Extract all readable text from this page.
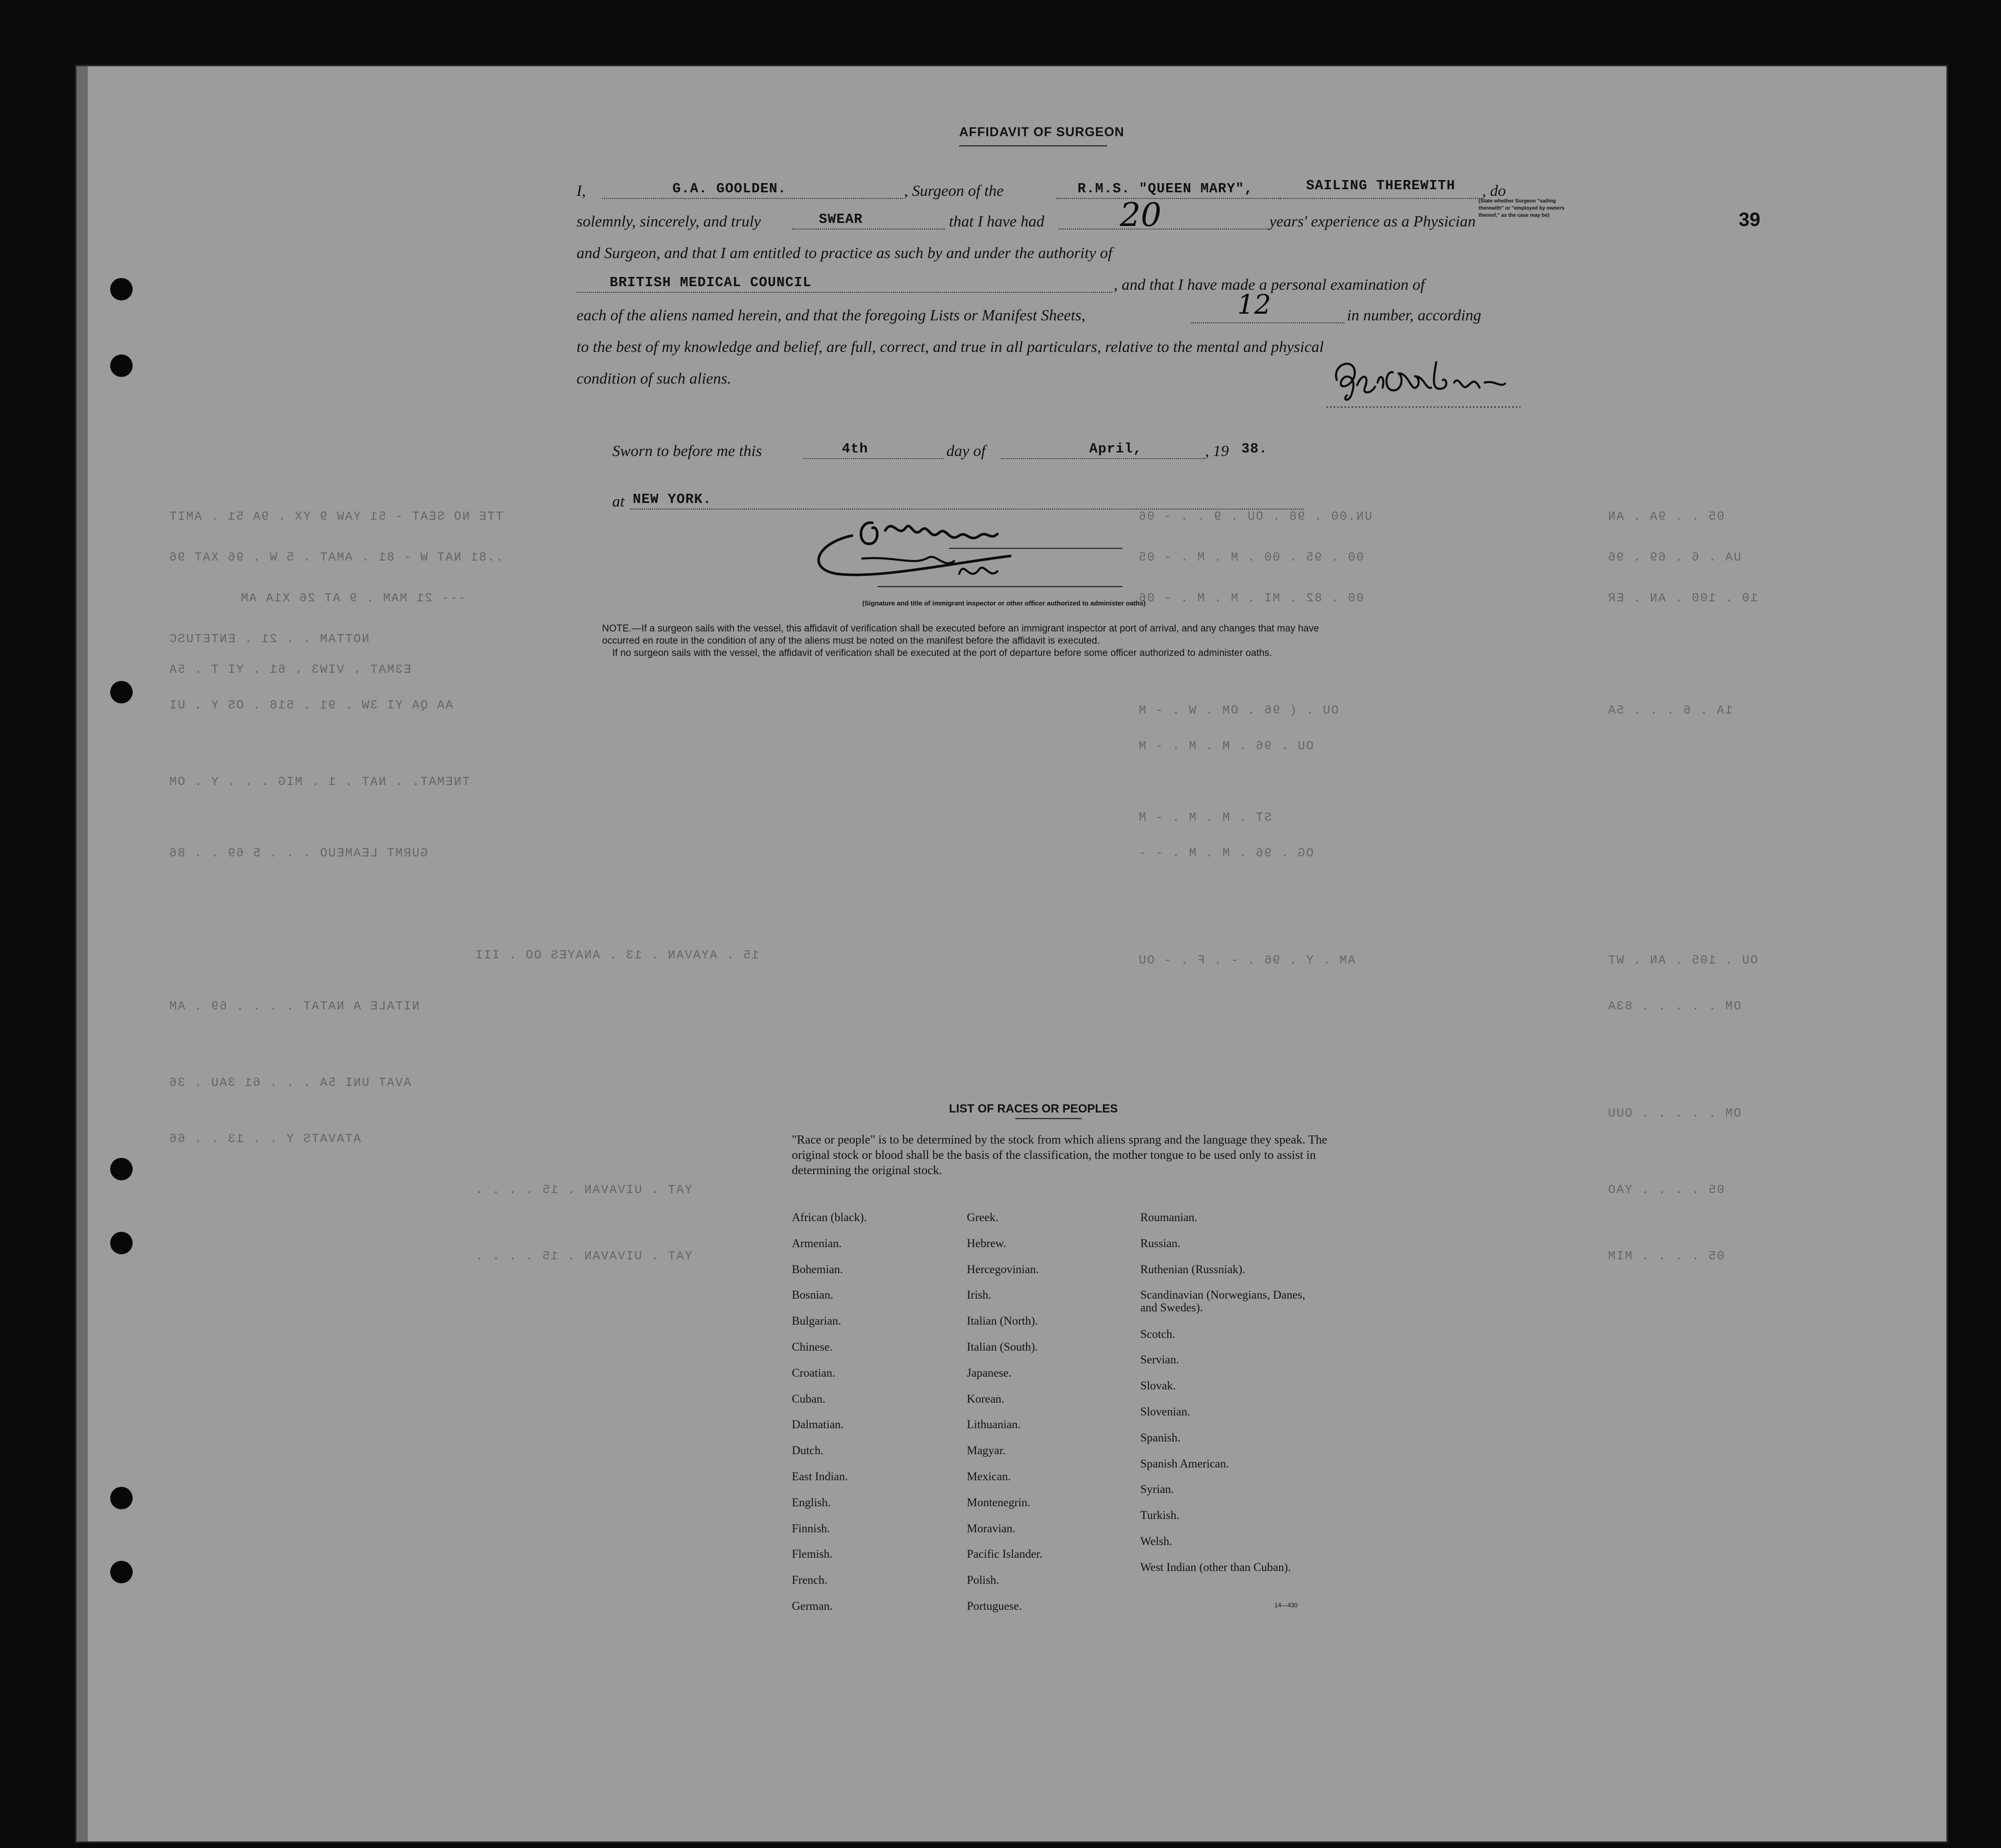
TTE NO SEAT - 51 YAW 9 YX . 9A 51 . AMIT
..81 NAT W - 81 . AMAT . 5 W . 96 XAT 96
--- 21 MAM . 9 AT 26 X1A AM
NOTTAM . . 21 . ENTETUSC
E3MAT . VIW3 . 61 . YI T . 5A
AA QA YI 3W . 91 . 518 . OS Y . UI
TNEMAT. . NAT . 1 . MIG . . . Y . OM
GURMT LEAMEUO . . . 5 69 . . 86
NITALE A NATAT . . . . 69 . AM
AVAT UNI 5A . . . 61 3AU . 36
ATAVATS Y . . 13 . . 66
15 . AYAVAN . 13 . ANAYES OO . III
YAT . UIVAVAN . 15 . . . .
YAT . UIVAVAN . 15 . . . .
UN.00 . 98 . OU . 9 . . - 06
00 . 95 . 00 . M . M . - 05
00 . 82 . MI . M . M . - 06
OU . ( 96 . OM . W . - M
OU . 96 . M . M . - M
ST . M . M . - M
OG . 96 . M . M . - -
AM . Y . 96 . - . F . - OU
05 . . 9A . AN
UA . 6 . 69 . 96
10 . 100 . AN . ER
1A . 6 . . . 5A
OU . 105 . AN . WT
OM . . . . . 83A
OM . . . . . OUU
05 . . . . YAO
05 . . . . MIM
39
AFFIDAVIT OF SURGEON
I,	G.A. GOOLDEN.	, Surgeon of the	R.M.S. "QUEEN MARY",	SAILING THEREWITH , do
(State whether Surgeon "sailing therewith" or "employed by owners thereof," as the case may be)
solemnly, sincerely, and truly	SWEAR	that I have had 20	years' experience as a Physician
and Surgeon, and that I am entitled to practice as such by and under the authority of
BRITISH MEDICAL COUNCIL	, and that I have made a personal examination of
each of the aliens named herein, and that the foregoing Lists or Manifest Sheets,	12	in number, according
to the best of my knowledge and belief, are full, correct, and true in all particulars, relative to the mental and physical
condition of such aliens.
Sworn to before me this	4th	day of	April,	, 19 38.
at NEW YORK.
(Signature and title of immigrant inspector or other officer authorized to administer oaths)
NOTE.—If a surgeon sails with the vessel, this affidavit of verification shall be executed before an immigrant inspector at port of arrival, and any changes that may have
occurred en route in the condition of any of the aliens must be noted on the manifest before the affidavit is executed.
If no surgeon sails with the vessel, the affidavit of verification shall be executed at the port of departure before some officer authorized to administer oaths.
LIST OF RACES OR PEOPLES
"Race or people" is to be determined by the stock from which aliens sprang and the language they speak. The original stock or blood shall be the basis of the classification, the mother tongue to be used only to assist in determining the original stock.
African (black).
Armenian.
Bohemian.
Bosnian.
Bulgarian.
Chinese.
Croatian.
Cuban.
Dalmatian.
Dutch.
East Indian.
English.
Finnish.
Flemish.
French.
German.
Greek.
Hebrew.
Hercegovinian.
Irish.
Italian (North).
Italian (South).
Japanese.
Korean.
Lithuanian.
Magyar.
Mexican.
Montenegrin.
Moravian.
Pacific Islander.
Polish.
Portuguese.
Roumanian.
Russian.
Ruthenian (Russniak).
Scandinavian (Norwegians, Danes, and Swedes).
Scotch.
Servian.
Slovak.
Slovenian.
Spanish.
Spanish American.
Syrian.
Turkish.
Welsh.
West Indian (other than Cuban).
14—430
